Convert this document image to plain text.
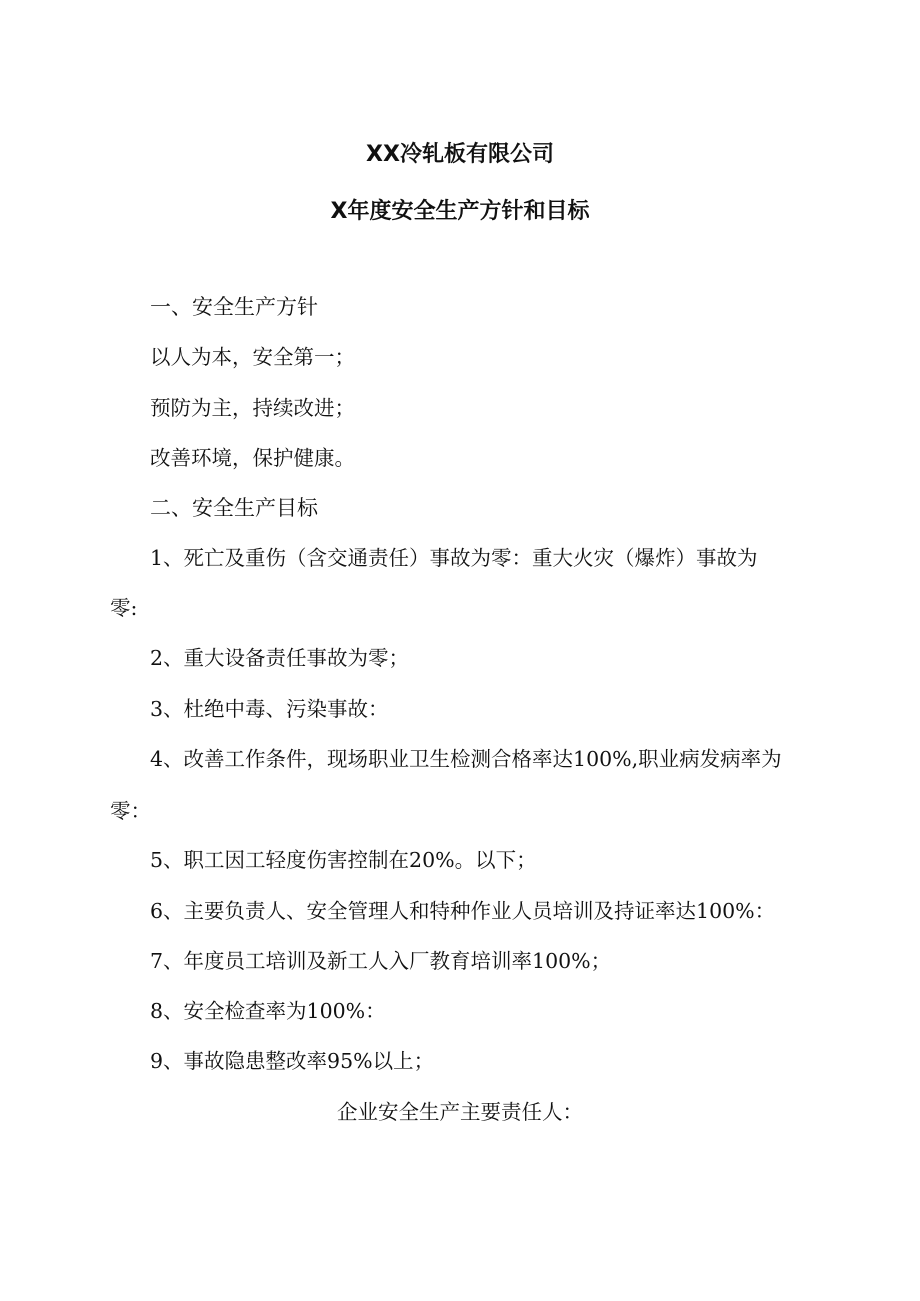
XX冷轧板有限公司
X年度安全生产方针和目标
一、安全生产方针
以人为本，安全第一；
预防为主，持续改进；
改善环境，保护健康。
二、安全生产目标
1、死亡及重伤（含交通责任）事故为零：重大火灾（爆炸）事故为
零:
2、重大设备责任事故为零；
3、杜绝中毒、污染事故：
4、改善工作条件，现场职业卫生检测合格率达100%,职业病发病率为
零：
5、职工因工轻度伤害控制在20%。以下；
6、主要负责人、安全管理人和特种作业人员培训及持证率达100%：
7、年度员工培训及新工人入厂教育培训率100%；
8、安全检查率为100%：
9、事故隐患整改率95%以上；
企业安全生产主要责任人：
